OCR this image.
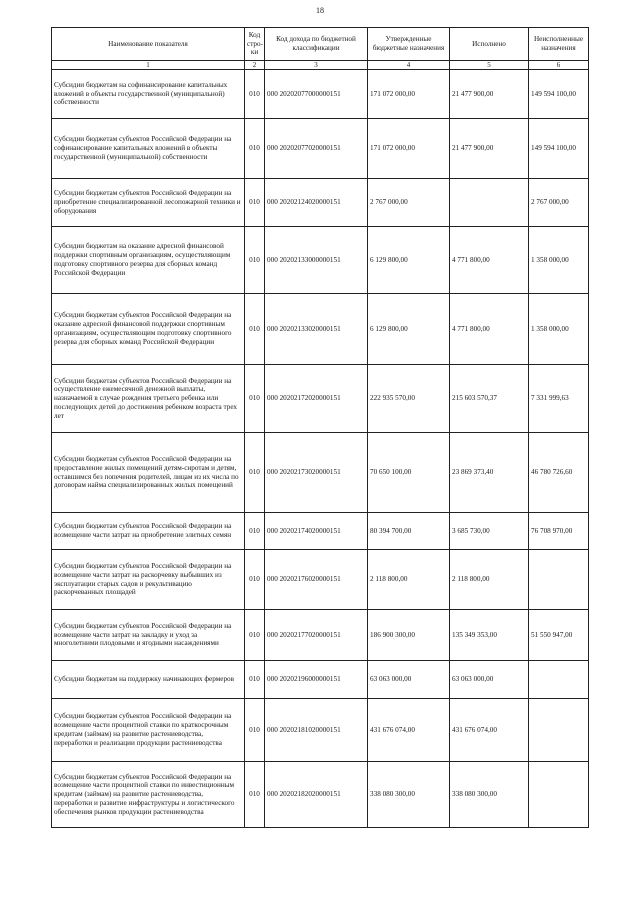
18
Наименование показателя	Код стро-ки	Код дохода по бюджетной классификации	Утвержденные бюджетные назначения	Исполнено	Неисполненные назначения
1	2	3	4	5	6
Субсидии бюджетам на софинансирование капитальных вложений в объекты государственной (муниципальной) собственности	010	000 20202077000000151	171 072 000,00	21 477 900,00	149 594 100,00
Субсидии бюджетам субъектов Российской Федерации на софинансирование капитальных вложений в объекты государственной (муниципальной) собственности	010	000 20202077020000151	171 072 000,00	21 477 900,00	149 594 100,00
Субсидии бюджетам субъектов Российской Федерации на приобретение специализированной лесопожарной техники и оборудования	010	000 20202124020000151	2 767 000,00		2 767 000,00
Субсидии бюджетам на оказание адресной финансовой поддержки спортивным организациям, осуществляющим подготовку спортивного резерва для сборных команд Российской Федерации	010	000 20202133000000151	6 129 800,00	4 771 800,00	1 358 000,00
Субсидии бюджетам субъектов Российской Федерации на оказание адресной финансовой поддержки спортивным организациям, осуществляющим подготовку спортивного резерва для сборных команд Российской Федерации	010	000 20202133020000151	6 129 800,00	4 771 800,00	1 358 000,00
Субсидии бюджетам субъектов Российской Федерации на осуществление ежемесячной денежной выплаты, назначаемой в случае рождения третьего ребенка или последующих детей до достижения ребенком возраста трех лет	010	000 20202172020000151	222 935 570,00	215 603 570,37	7 331 999,63
Субсидии бюджетам субъектов Российской Федерации на предоставление жилых помещений детям-сиротам и детям, оставшимся без попечения родителей, лицам из их числа по договорам найма специализированных жилых помещений	010	000 20202173020000151	70 650 100,00	23 869 373,40	46 780 726,60
Субсидии бюджетам субъектов Российской Федерации на возмещение части затрат на приобретение элитных семян	010	000 20202174020000151	80 394 700,00	3 685 730,00	76 708 970,00
Субсидии бюджетам субъектов Российской Федерации на возмещение части затрат на раскорчевку выбывших из эксплуатации старых садов и рекультивацию раскорчеванных площадей	010	000 20202176020000151	2 118 800,00	2 118 800,00	
Субсидии бюджетам субъектов Российской Федерации на возмещение части затрат на закладку и уход за многолетними плодовыми и ягодными насаждениями	010	000 20202177020000151	186 900 300,00	135 349 353,00	51 550 947,00
Субсидии бюджетам на поддержку начинающих фермеров	010	000 20202196000000151	63 063 000,00	63 063 000,00	
Субсидии бюджетам субъектов Российской Федерации на возмещение части процентной ставки по краткосрочным кредитам (займам) на развитие растениеводства, переработки и реализации продукции растениеводства	010	000 20202181020000151	431 676 074,00	431 676 074,00	
Субсидии бюджетам субъектов Российской Федерации на возмещение части процентной ставки по инвестиционным кредитам (займам) на развитие растениеводства, переработки и развитие инфраструктуры и логистического обеспечения рынков продукции растениеводства	010	000 20202182020000151	338 080 300,00	338 080 300,00	
